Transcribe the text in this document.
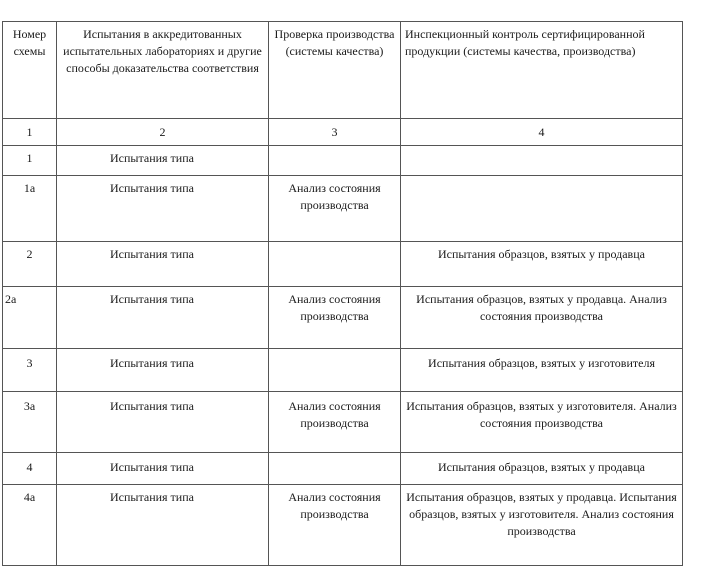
Номер схемы	Испытания в аккредитованных испытательных лабораториях и другие способы доказательства соответствия	Проверка производства (системы качества)	Инспекционный контроль сертифицированной продукции (системы качества, производства)
1	2	3	4
1	Испытания типа		
1а	Испытания типа	Анализ состояния производства	
2	Испытания типа		Испытания образцов, взятых у продавца
2а	Испытания типа	Анализ состояния производства	Испытания образцов, взятых у продавца. Анализ состояния производства
3	Испытания типа		Испытания образцов, взятых у изготовителя
3а	Испытания типа	Анализ состояния производства	Испытания образцов, взятых у изготовителя. Анализ состояния производства
4	Испытания типа		Испытания образцов, взятых у продавца
4а	Испытания типа	Анализ состояния производства	Испытания образцов, взятых у продавца. Испытания образцов, взятых у изготовителя. Анализ состояния производства
